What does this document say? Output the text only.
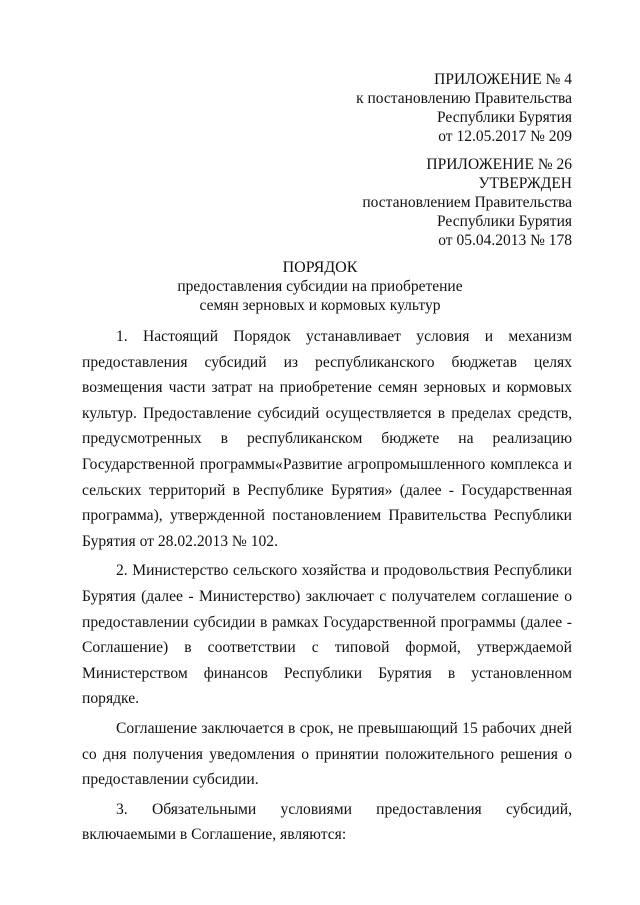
ПРИЛОЖЕНИЕ № 4
к постановлению Правительства
Республики Бурятия
от 12.05.2017 № 209
ПРИЛОЖЕНИЕ № 26
УТВЕРЖДЕН
постановлением Правительства
Республики Бурятия
от 05.04.2013 № 178
ПОРЯДОК
предоставления субсидии на приобретение
семян зерновых и кормовых культур

1. Настоящий Порядок устанавливает условия и механизм предоставления субсидий из республиканского бюджетав целях возмещения части затрат на приобретение семян зерновых и кормовых культур. Предоставление субсидий осуществляется в пределах средств, предусмотренных в республиканском бюджете на реализацию Государственной программы«Развитие агропромышленного комплекса и сельских территорий в Республике Бурятия» (далее - Государственная программа), утвержденной постановлением Правительства Республики Бурятия от 28.02.2013 № 102.

2. Министерство сельского хозяйства и продовольствия Республики Бурятия (далее - Министерство) заключает с получателем соглашение о предоставлении субсидии в рамках Государственной программы (далее - Соглашение) в соответствии с типовой формой, утверждаемой Министерством финансов Республики Бурятия в установленном порядке.

Соглашение заключается в срок, не превышающий 15 рабочих дней со дня получения уведомления о принятии положительного решения о предоставлении субсидии.

3. Обязательными условиями предоставления субсидий, включаемыми в Соглашение, являются:
